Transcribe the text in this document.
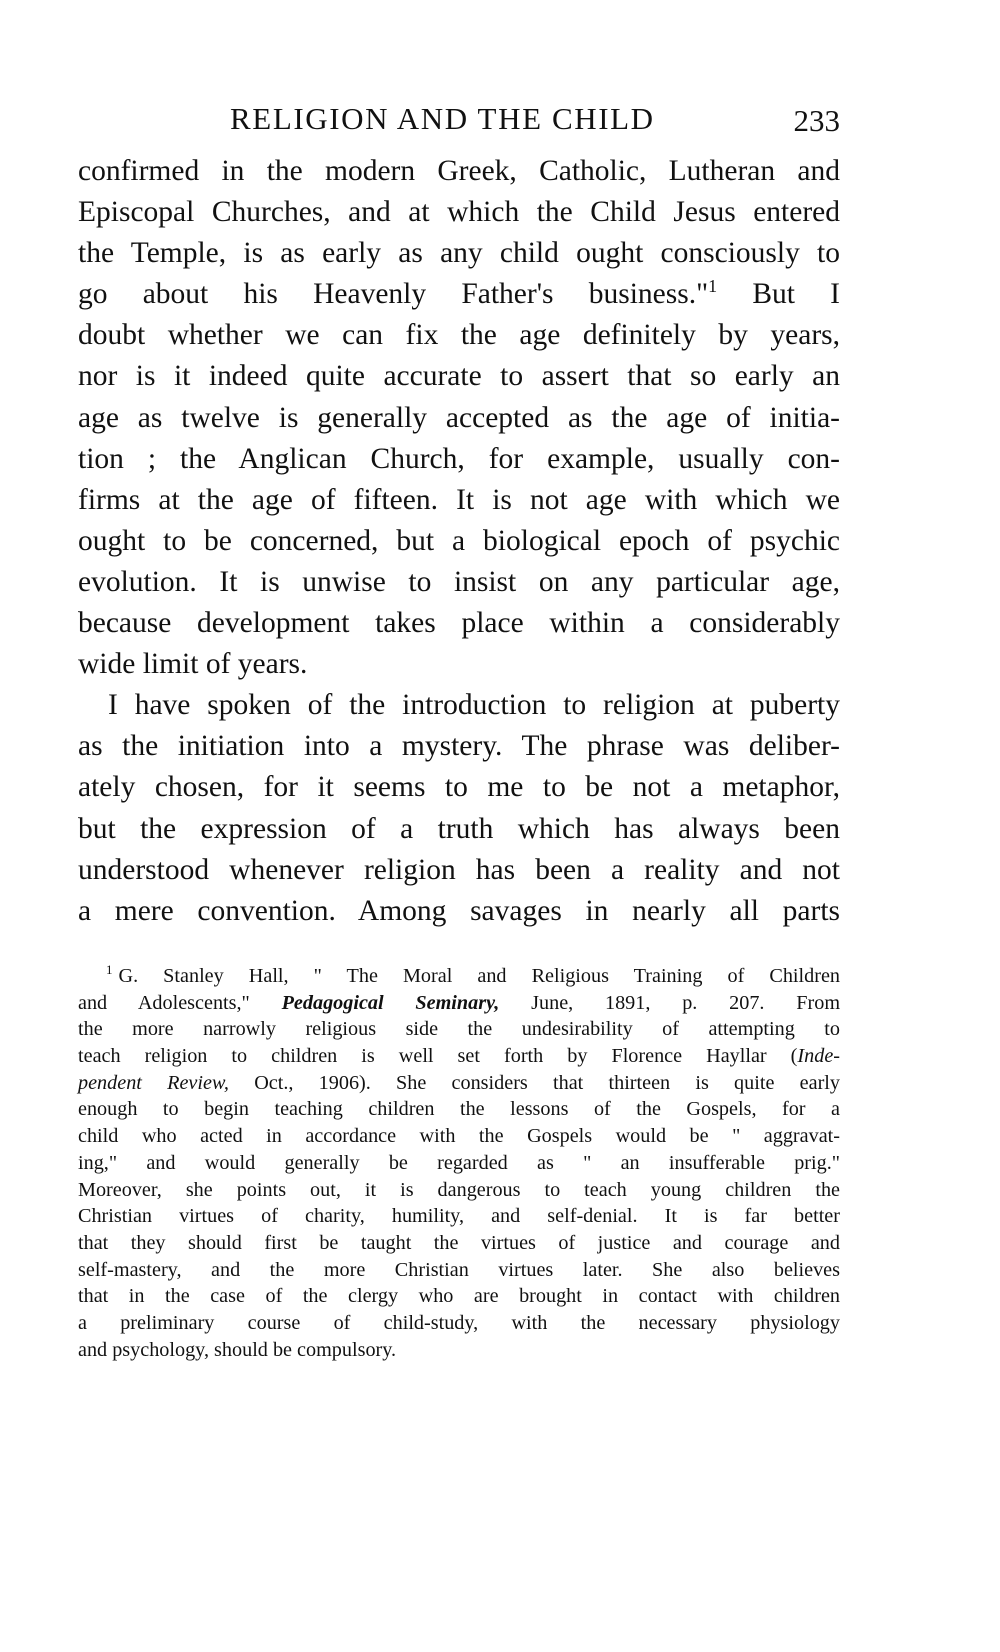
RELIGION AND THE CHILD	233
confirmed in the modern Greek, Catholic, Lutheran and
Episcopal Churches, and at which the Child Jesus entered
the Temple, is as early as any child ought consciously to
go about his Heavenly Father's business."$^1$ But I
doubt whether we can fix the age definitely by years,
nor is it indeed quite accurate to assert that so early an
age as twelve is generally accepted as the age of initia-
tion ; the Anglican Church, for example, usually con-
firms at the age of fifteen. It is not age with which we
ought to be concerned, but a biological epoch of psychic
evolution. It is unwise to insist on any particular age,
because development takes place within a considerably
wide limit of years.
I have spoken of the introduction to religion at puberty
as the initiation into a mystery. The phrase was deliber-
ately chosen, for it seems to me to be not a metaphor,
but the expression of a truth which has always been
understood whenever religion has been a reality and not
a mere convention. Among savages in nearly all parts
$^1$ G. Stanley Hall, " The Moral and Religious Training of Children
and Adolescents," Pedagogical Seminary, June, 1891, p. 207. From
the more narrowly religious side the undesirability of attempting to
teach religion to children is well set forth by Florence Hayllar (Inde-
pendent Review, Oct., 1906). She considers that thirteen is quite early
enough to begin teaching children the lessons of the Gospels, for a
child who acted in accordance with the Gospels would be " aggravat-
ing," and would generally be regarded as " an insufferable prig."
Moreover, she points out, it is dangerous to teach young children the
Christian virtues of charity, humility, and self-denial. It is far better
that they should first be taught the virtues of justice and courage and
self-mastery, and the more Christian virtues later. She also believes
that in the case of the clergy who are brought in contact with children
a preliminary course of child-study, with the necessary physiology
and psychology, should be compulsory.
